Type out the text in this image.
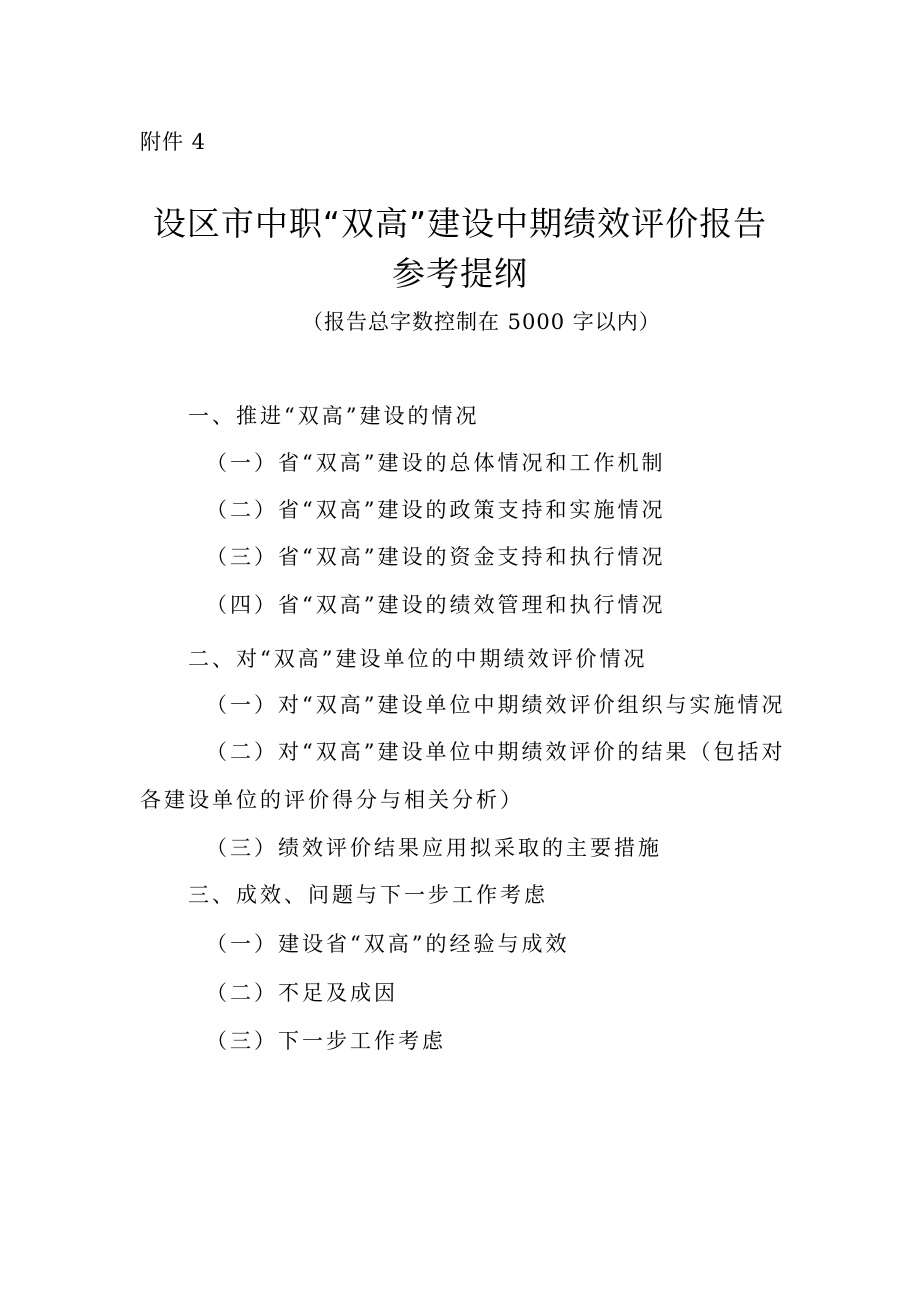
附件 4
设区市中职“双高”建设中期绩效评价报告
参考提纲
（报告总字数控制在 5000 字以内）
一、推进“双高”建设的情况
（一）省“双高”建设的总体情况和工作机制
（二）省“双高”建设的政策支持和实施情况
（三）省“双高”建设的资金支持和执行情况
（四）省“双高”建设的绩效管理和执行情况
二、对“双高”建设单位的中期绩效评价情况
（一）对“双高”建设单位中期绩效评价组织与实施情况
（二）对“双高”建设单位中期绩效评价的结果（包括对
各建设单位的评价得分与相关分析）
（三）绩效评价结果应用拟采取的主要措施
三、成效、问题与下一步工作考虑
（一）建设省“双高”的经验与成效
（二）不足及成因
（三）下一步工作考虑
